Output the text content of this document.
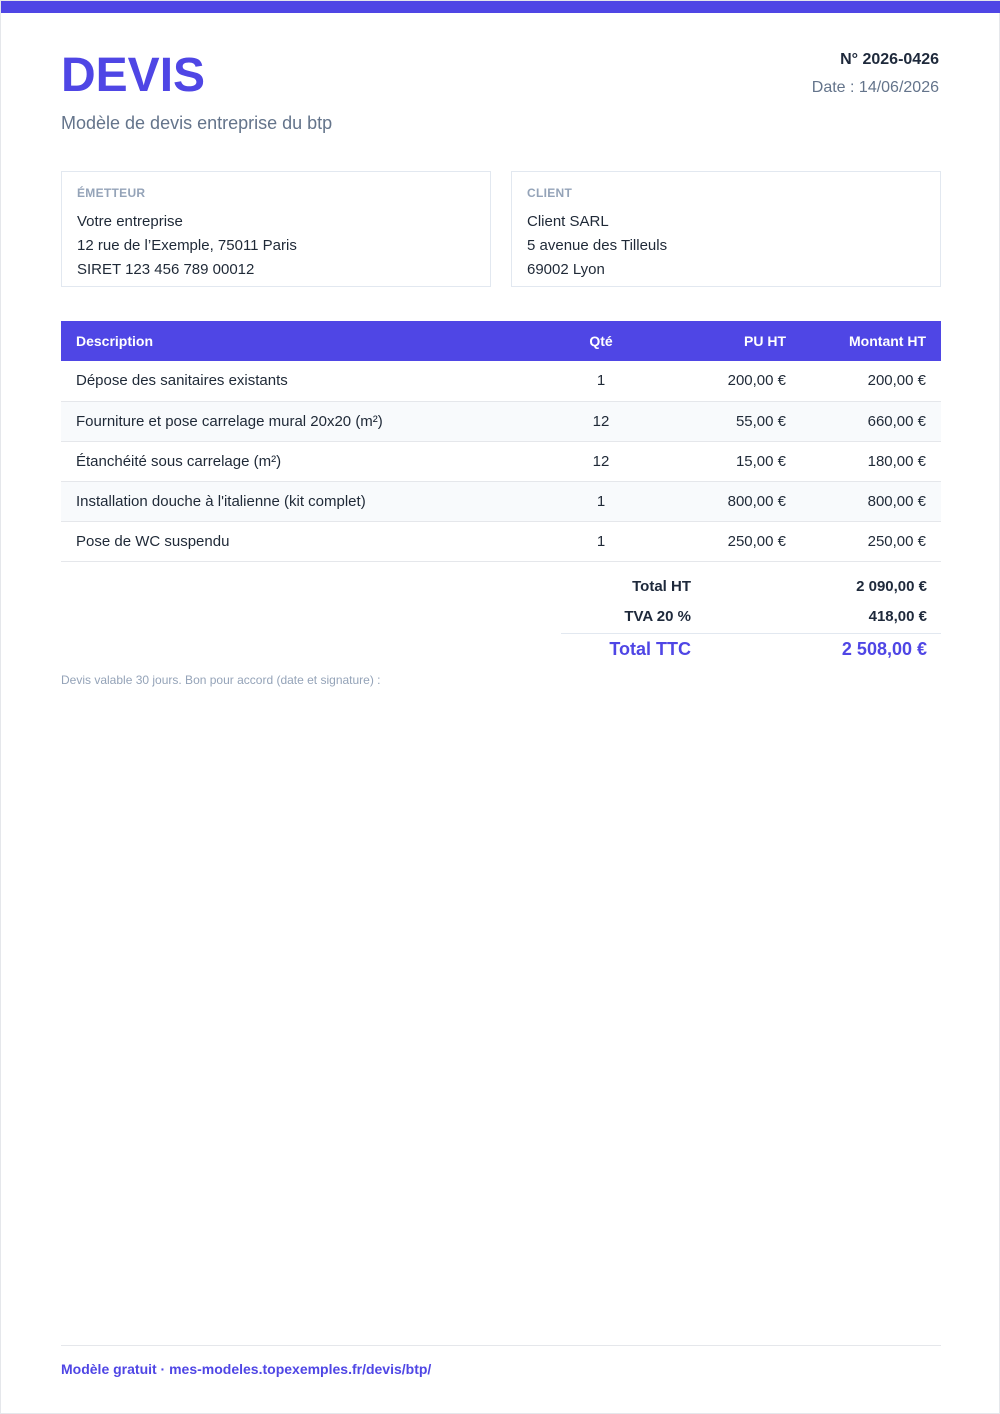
DEVIS
Modèle de devis entreprise du btp
N° 2026-0426
Date : 14/06/2026
ÉMETTEUR
Votre entreprise
12 rue de l’Exemple, 75011 Paris
SIRET 123 456 789 00012
CLIENT
Client SARL
5 avenue des Tilleuls
69002 Lyon
Description	Qté	PU HT	Montant HT
Dépose des sanitaires existants	1	200,00 €	200,00 €
Fourniture et pose carrelage mural 20x20 (m²)	12	55,00 €	660,00 €
Étanchéité sous carrelage (m²)	12	15,00 €	180,00 €
Installation douche à l'italienne (kit complet)	1	800,00 €	800,00 €
Pose de WC suspendu	1	250,00 €	250,00 €
Total HT	2 090,00 €
TVA 20 %	418,00 €
Total TTC	2 508,00 €
Devis valable 30 jours. Bon pour accord (date et signature) :
Modèle gratuit · mes-modeles.topexemples.fr/devis/btp/
